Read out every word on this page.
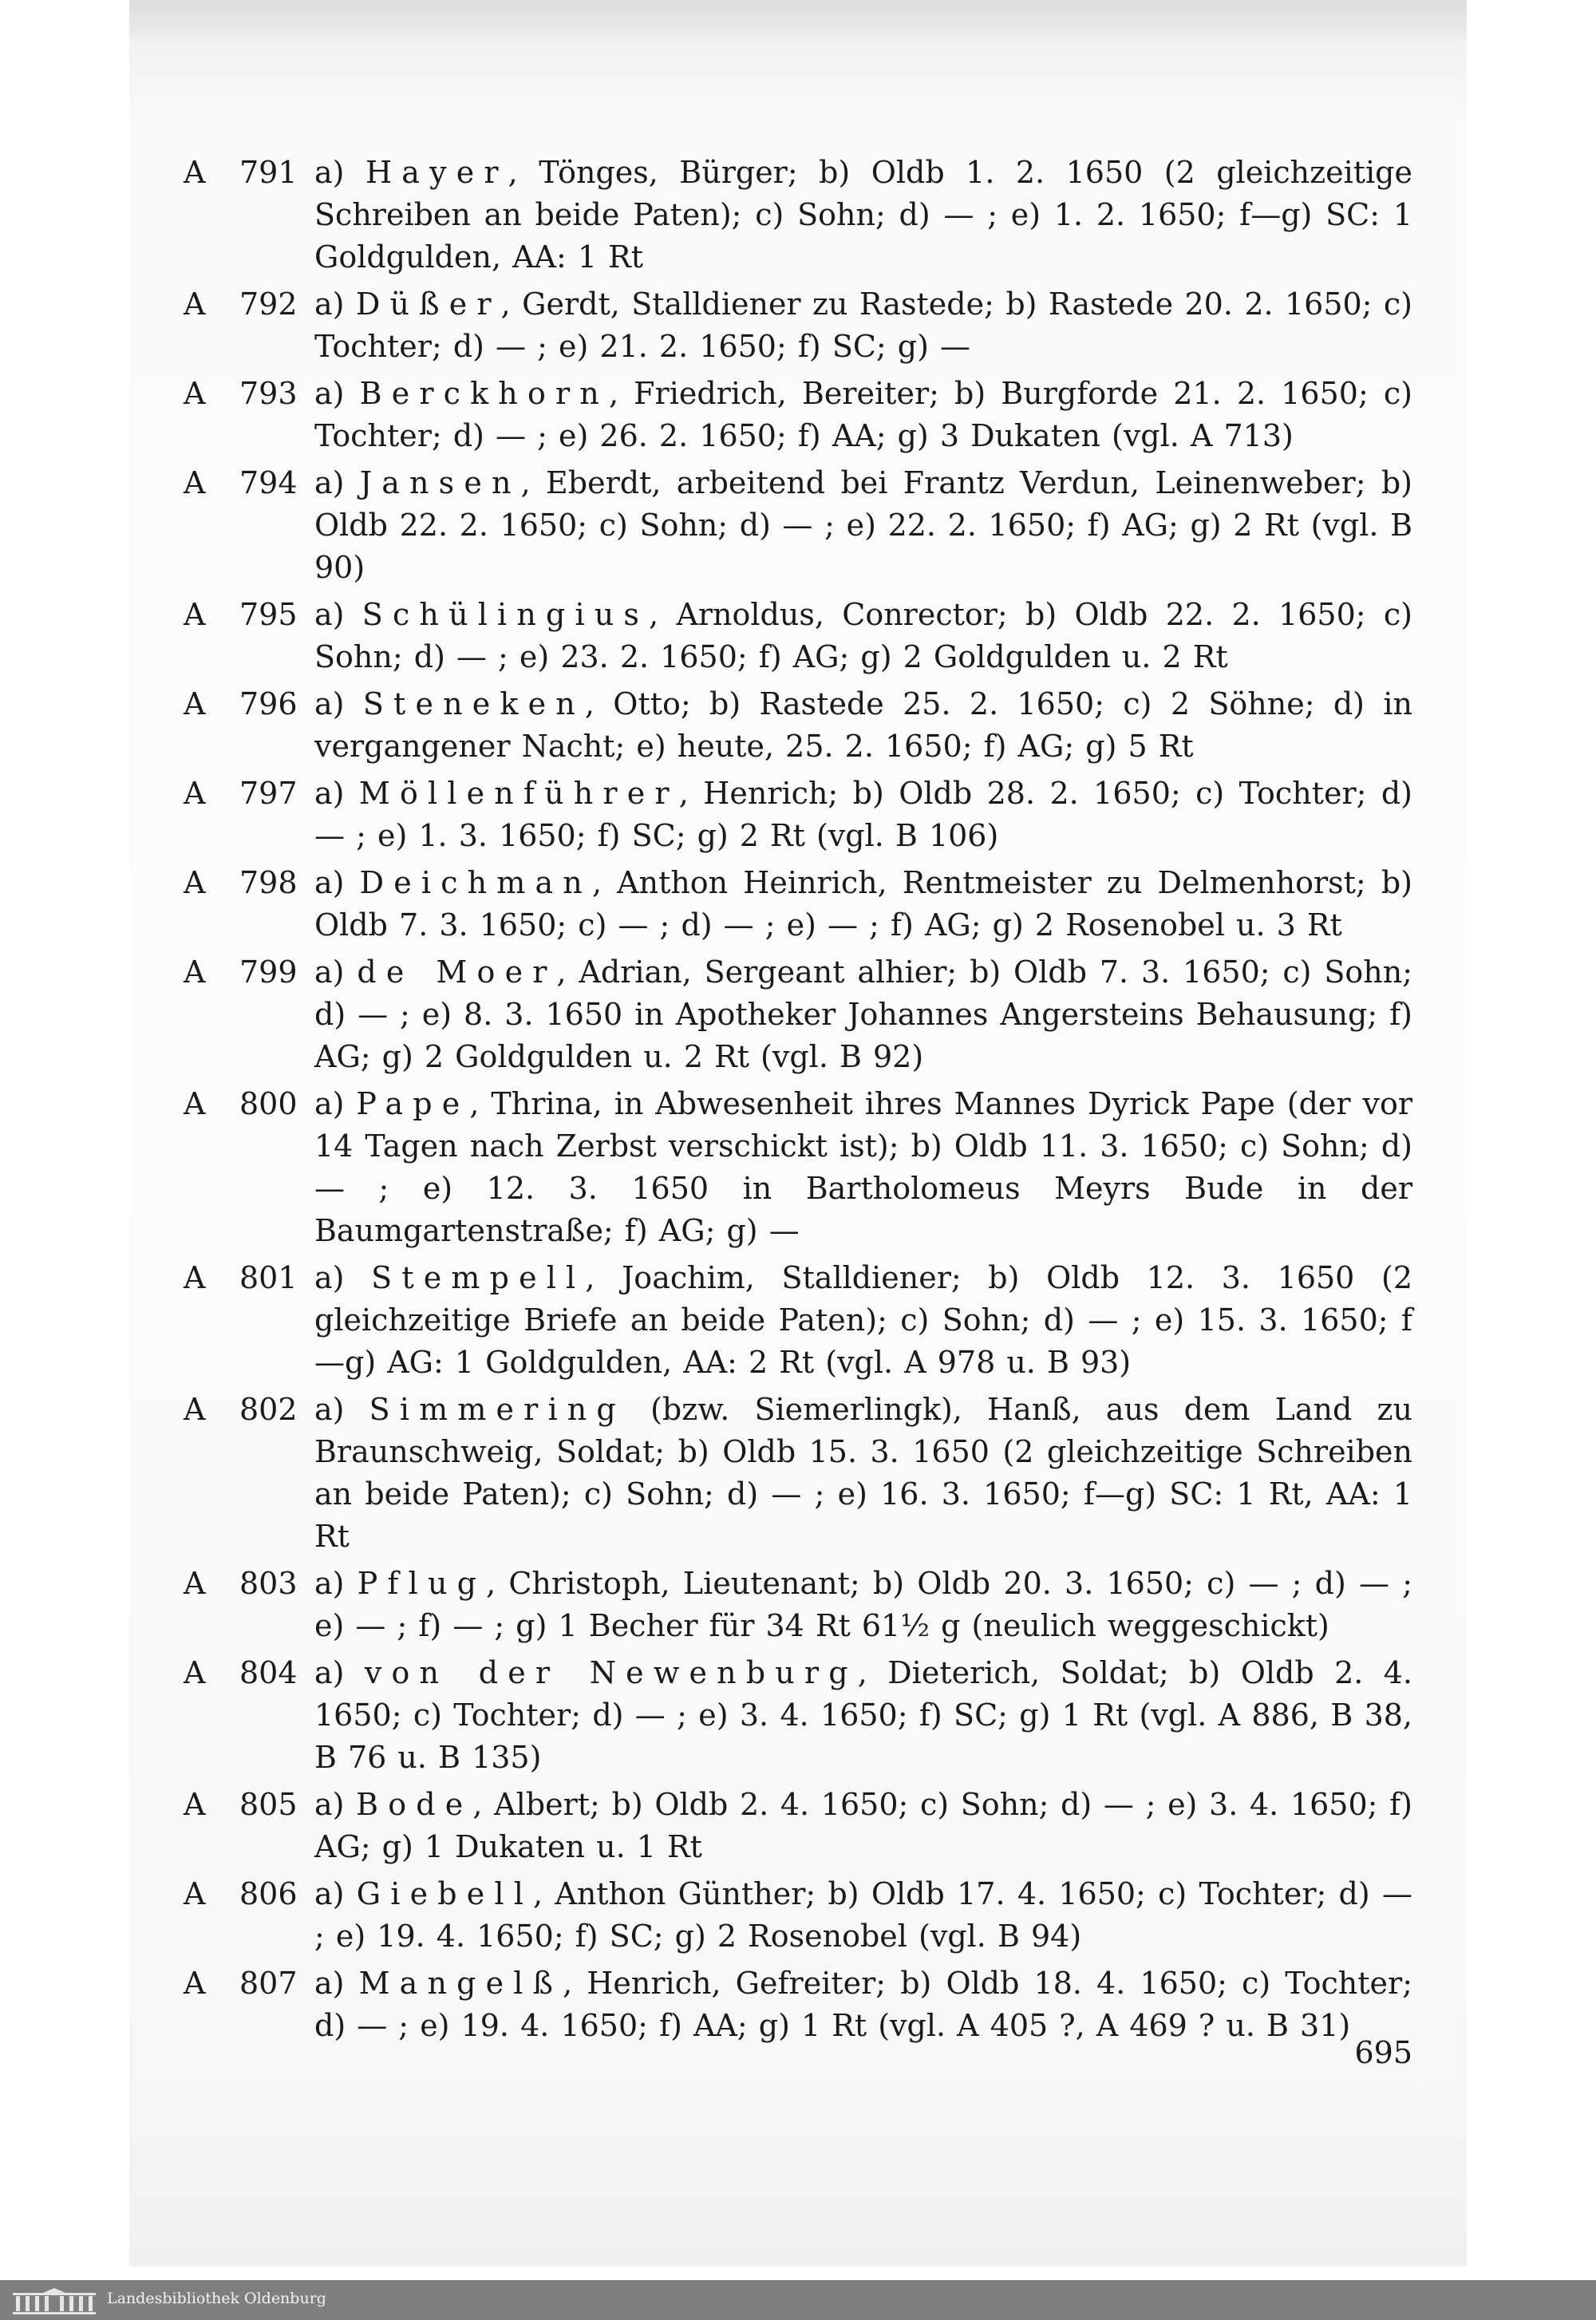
A 791 a) Hayer, Tönges, Bürger; b) Oldb 1. 2. 1650 (2 gleichzeitige Schreiben an beide Paten); c) Sohn; d) — ; e) 1. 2. 1650; f—g) SC: 1 Goldgulden, AA: 1 Rt
A 792 a) Düßer, Gerdt, Stalldiener zu Rastede; b) Rastede 20. 2. 1650; c) Tochter; d) — ; e) 21. 2. 1650; f) SC; g) —
A 793 a) Berckhorn, Friedrich, Bereiter; b) Burgforde 21. 2. 1650; c) Tochter; d) — ; e) 26. 2. 1650; f) AA; g) 3 Dukaten (vgl. A 713)
A 794 a) Jansen, Eberdt, arbeitend bei Frantz Verdun, Leinenweber; b) Oldb 22. 2. 1650; c) Sohn; d) — ; e) 22. 2. 1650; f) AG; g) 2 Rt (vgl. B 90)
A 795 a) Schülingius, Arnoldus, Conrector; b) Oldb 22. 2. 1650; c) Sohn; d) — ; e) 23. 2. 1650; f) AG; g) 2 Goldgulden u. 2 Rt
A 796 a) Steneken, Otto; b) Rastede 25. 2. 1650; c) 2 Söhne; d) in vergangener Nacht; e) heute, 25. 2. 1650; f) AG; g) 5 Rt
A 797 a) Möllenführer, Henrich; b) Oldb 28. 2. 1650; c) Tochter; d) — ; e) 1. 3. 1650; f) SC; g) 2 Rt (vgl. B 106)
A 798 a) Deichman, Anthon Heinrich, Rentmeister zu Delmenhorst; b) Oldb 7. 3. 1650; c) — ; d) — ; e) — ; f) AG; g) 2 Rosenobel u. 3 Rt
A 799 a) de Moer, Adrian, Sergeant alhier; b) Oldb 7. 3. 1650; c) Sohn; d) — ; e) 8. 3. 1650 in Apotheker Johannes Angersteins Behausung; f) AG; g) 2 Goldgulden u. 2 Rt (vgl. B 92)
A 800 a) Pape, Thrina, in Abwesenheit ihres Mannes Dyrick Pape (der vor 14 Tagen nach Zerbst verschickt ist); b) Oldb 11. 3. 1650; c) Sohn; d) — ; e) 12. 3. 1650 in Bartholomeus Meyrs Bude in der Baumgartenstraße; f) AG; g) —
A 801 a) Stempell, Joachim, Stalldiener; b) Oldb 12. 3. 1650 (2 gleichzeitige Briefe an beide Paten); c) Sohn; d) — ; e) 15. 3. 1650; f—g) AG: 1 Goldgulden, AA: 2 Rt (vgl. A 978 u. B 93)
A 802 a) Simmering (bzw. Siemerlingk), Hanß, aus dem Land zu Braunschweig, Soldat; b) Oldb 15. 3. 1650 (2 gleichzeitige Schreiben an beide Paten); c) Sohn; d) — ; e) 16. 3. 1650; f—g) SC: 1 Rt, AA: 1 Rt
A 803 a) Pflug, Christoph, Lieutenant; b) Oldb 20. 3. 1650; c) — ; d) — ; e) — ; f) — ; g) 1 Becher für 34 Rt 61½ g (neulich weggeschickt)
A 804 a) von der Newenburg, Dieterich, Soldat; b) Oldb 2. 4. 1650; c) Tochter; d) — ; e) 3. 4. 1650; f) SC; g) 1 Rt (vgl. A 886, B 38, B 76 u. B 135)
A 805 a) Bode, Albert; b) Oldb 2. 4. 1650; c) Sohn; d) — ; e) 3. 4. 1650; f) AG; g) 1 Dukaten u. 1 Rt
A 806 a) Giebell, Anthon Günther; b) Oldb 17. 4. 1650; c) Tochter; d) — ; e) 19. 4. 1650; f) SC; g) 2 Rosenobel (vgl. B 94)
A 807 a) Mangelß, Henrich, Gefreiter; b) Oldb 18. 4. 1650; c) Tochter; d) — ; e) 19. 4. 1650; f) AA; g) 1 Rt (vgl. A 405 ?, A 469 ? u. B 31)
695
Landesbibliothek Oldenburg
